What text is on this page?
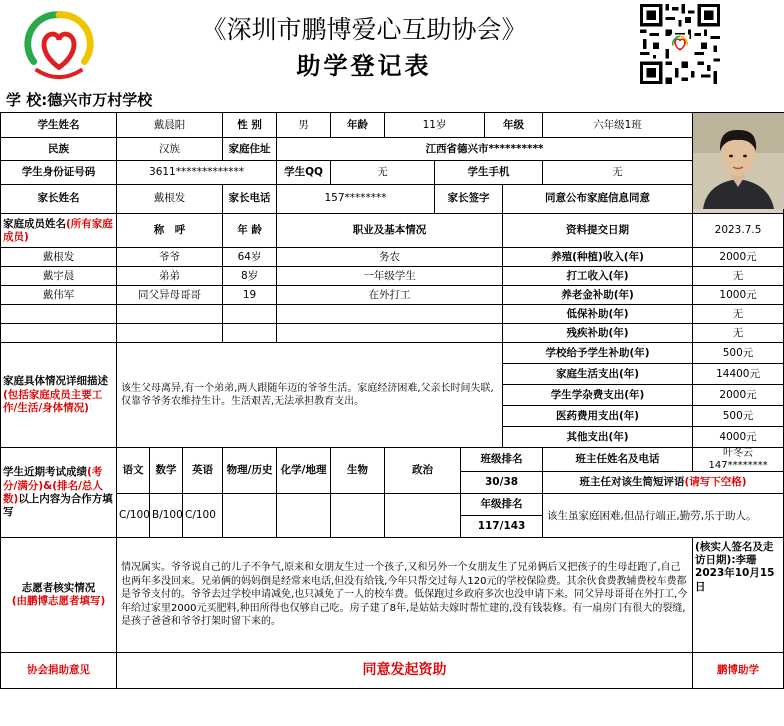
《深圳市鹏博爱心互助协会》
助学登记表
学 校:德兴市万村学校
学生姓名	戴晨阳			性 别	男	年龄	11岁			年级		六年级1班	
民族	汉族			家庭住址	江西省德兴市**********								
学生身份证号码	3611*************				学生QQ	无		学生手机				无	
家长姓名	戴根发			家长电话	157********			家长签字			同意公布家庭信息同意		
家庭成员姓名(所有家庭成员)	称　呼			年 龄	职业及基本情况						资料提交日期		2023.7.5
戴根发	爷爷			64岁	务农						养殖(种植)收入(年)		2000元
戴宇晨	弟弟			8岁	一年级学生						打工收入(年)		无
戴伟军	同父异母哥哥			19	在外打工						养老金补助(年)		1000元
											低保补助(年)		无
											残疾补助(年)		无
家庭具体情况详细描述(包括家庭成员主要工作/生活/身体情况)	该生父母离异,有一个弟弟,两人跟随年迈的爷爷生活。家庭经济困难,父亲长时间失联,仅靠爷爷务农维持生计。生活艰苦,无法承担教育支出。										学校给予学生补助(年)		500元
											家庭生活支出(年)		14400元
											学生学杂费支出(年)		2000元
											医药费用支出(年)		500元
											其他支出(年)		4000元
学生近期考试成绩(考分/满分)&(排名/总人数)以上内容为合作方填写	语文	数学	英语	物理/历史	化学/地理	生物	政治		班级排名			班主任姓名及电话	叶冬云
147********

									30/38			班主任对该生简短评语(请写下空格)	
	C/100	B/100	C/100						年级排名			该生虽家庭困难,但品行端正,勤劳,乐于助人。	
									117/143				
志愿者核实情况
(由鹏博志愿者填写)	情况属实。爷爷说自己的儿子不争气,原来和女朋友生过一个孩子,又和另外一个女朋友生了兄弟俩后又把孩子的生母赶跑了,自己也两年多没回来。兄弟俩的妈妈倒是经常来电话,但没有给钱,今年只帮交过每人120元的学校保险费。其余伙食费教辅费校车费都是爷爷支付的。爷爷去过学校申请减免,也只减免了一人的校车费。低保跑过乡政府多次也没申请下来。同父异母哥哥在外打工,今年给过家里2000元买肥料,种田所得也仅够自己吃。房子建了8年,是姑姑夫嫁时帮忙建的,没有钱装修。有一扇房门有很大的裂缝,是孩子爸爸和爷爷打架时留下来的。												(核实人签名及走访日期):李珊2023年10月15日
协会捐助意见	同意发起资助												鹏博助学
